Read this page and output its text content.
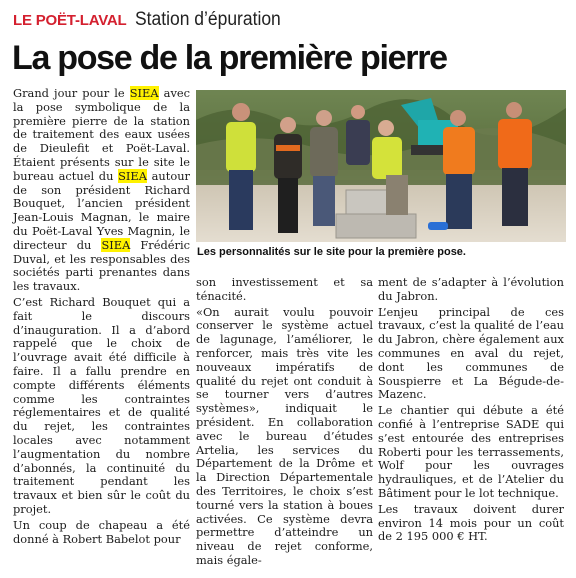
LE POËT-LAVAL Station d’épuration
La pose de la première pierre

Grand jour pour le SIEA avec la pose symbolique de la première pierre de la station de traitement des eaux usées de Dieulefit et Poët-Laval. Étaient présents sur le site le bureau actuel du SIEA autour de son président Richard Bouquet, l’ancien président Jean-Louis Magnan, le maire du Poët-Laval Yves Magnin, le directeur du SIEA Frédéric Duval, et les responsables des sociétés parti prenantes dans les travaux.

C’est Richard Bouquet qui a fait le discours d’inauguration. Il a d’abord rappelé que le choix de l’ouvrage avait été difficile à faire. Il a fallu prendre en compte différents éléments comme les contraintes réglementaires et de qualité du rejet, les contraintes locales avec notamment l’augmentation du nombre d’abonnés, la continuité du traitement pendant les travaux et bien sûr le coût du projet.

Un coup de chapeau a été donné à Robert Babelot pour

Les personnalités sur le site pour la première pose.

son investissement et sa ténacité.

«On aurait voulu pouvoir conserver le système actuel de lagunage, l’améliorer, le renforcer, mais très vite les nouveaux impératifs de qualité du rejet ont conduit à se tourner vers d’autres systèmes», indiquait le président. En collaboration avec le bureau d’études Artelia, les services du Département de la Drôme et la Direction Départementale des Territoires, le choix s’est tourné vers la station à boues activées. Ce système devra permettre d’atteindre un niveau de rejet conforme, mais égale-

ment de s’adapter à l’évolution du Jabron.

L’enjeu principal de ces travaux, c’est la qualité de l’eau du Jabron, chère également aux communes en aval du rejet, dont les communes de Souspierre et La Bégude-de-Mazenc.

Le chantier qui débute a été confié à l’entreprise SADE qui s’est entourée des entreprises Roberti pour les terrassements, Wolf pour les ouvrages hydrauliques, et de l’Atelier du Bâtiment pour le lot technique.

Les travaux doivent durer environ 14 mois pour un coût de 2 195 000 € HT.
